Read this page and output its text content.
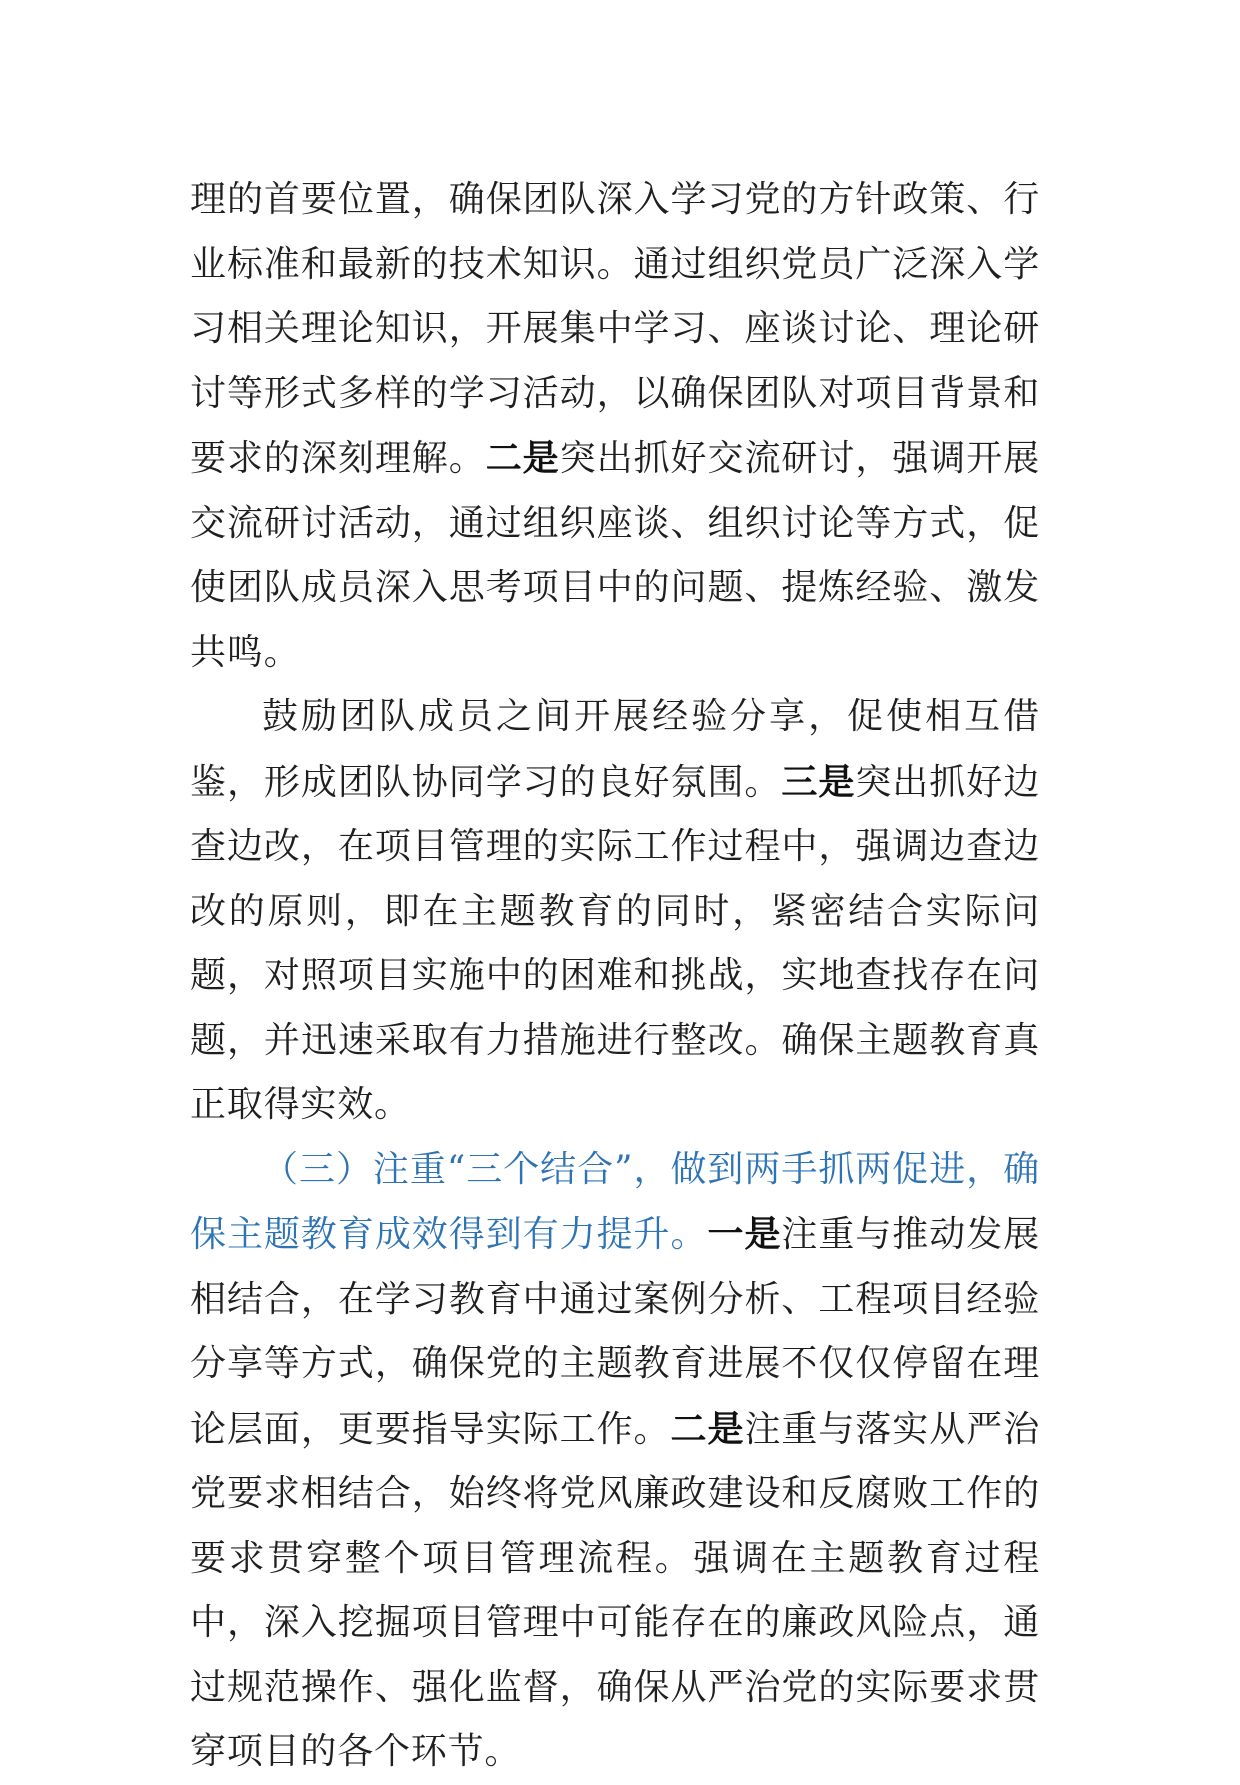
理的首要位置，确保团队深入学习党的方针政策、行业标准和最新的技术知识。通过组织党员广泛深入学习相关理论知识，开展集中学习、座谈讨论、理论研讨等形式多样的学习活动，以确保团队对项目背景和要求的深刻理解。二是突出抓好交流研讨，强调开展交流研讨活动，通过组织座谈、组织讨论等方式，促使团队成员深入思考项目中的问题、提炼经验、激发共鸣。

鼓励团队成员之间开展经验分享，促使相互借鉴，形成团队协同学习的良好氛围。三是突出抓好边查边改，在项目管理的实际工作过程中，强调边查边改的原则，即在主题教育的同时，紧密结合实际问题，对照项目实施中的困难和挑战，实地查找存在问题，并迅速采取有力措施进行整改。确保主题教育真正取得实效。

（三）注重“三个结合”，做到两手抓两促进，确保主题教育成效得到有力提升。一是注重与推动发展相结合，在学习教育中通过案例分析、工程项目经验分享等方式，确保党的主题教育进展不仅仅停留在理论层面，更要指导实际工作。二是注重与落实从严治党要求相结合，始终将党风廉政建设和反腐败工作的要求贯穿整个项目管理流程。强调在主题教育过程中，深入挖掘项目管理中可能存在的廉政风险点，通过规范操作、强化监督，确保从严治党的实际要求贯穿项目的各个环节。
